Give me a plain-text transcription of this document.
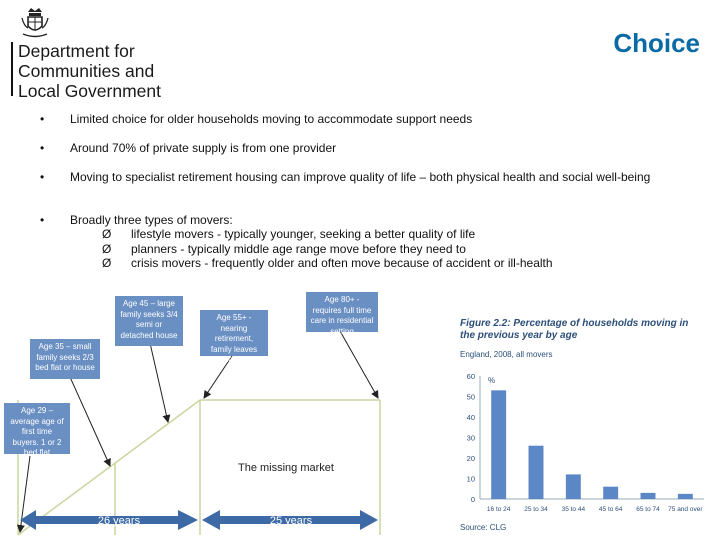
Department for
Communities and
Local Government
Choice
• Limited choice for older households moving to accommodate support needs
• Around 70% of private supply is from one provider
• Moving to specialist retirement housing can improve quality of life – both physical health and social well-being
• Broadly three types of movers:
Ø lifestyle movers - typically younger, seeking a better quality of life
Ø planners - typically middle age range move before they need to
Ø crisis movers - frequently older and often move because of accident or ill-health
26 years	25 years
The missing market
Age 29 – average age of first time buyers. 1 or 2 bed flat
Age 35 – small family seeks 2/3 bed flat or house
Age 45 – large family seeks 3/4 semi or detached house
Age 55+ - nearing retirement, family leaves home
Age 80+ - requires full time care in residential setting
Figure 2.2: Percentage of households moving in the previous year by age
England, 2008, all movers
0
10
20
30
40
50
60 %
16 to 24 25 to 34 35 to 44 45 to 64 65 to 74 75 and over
Source: CLG
